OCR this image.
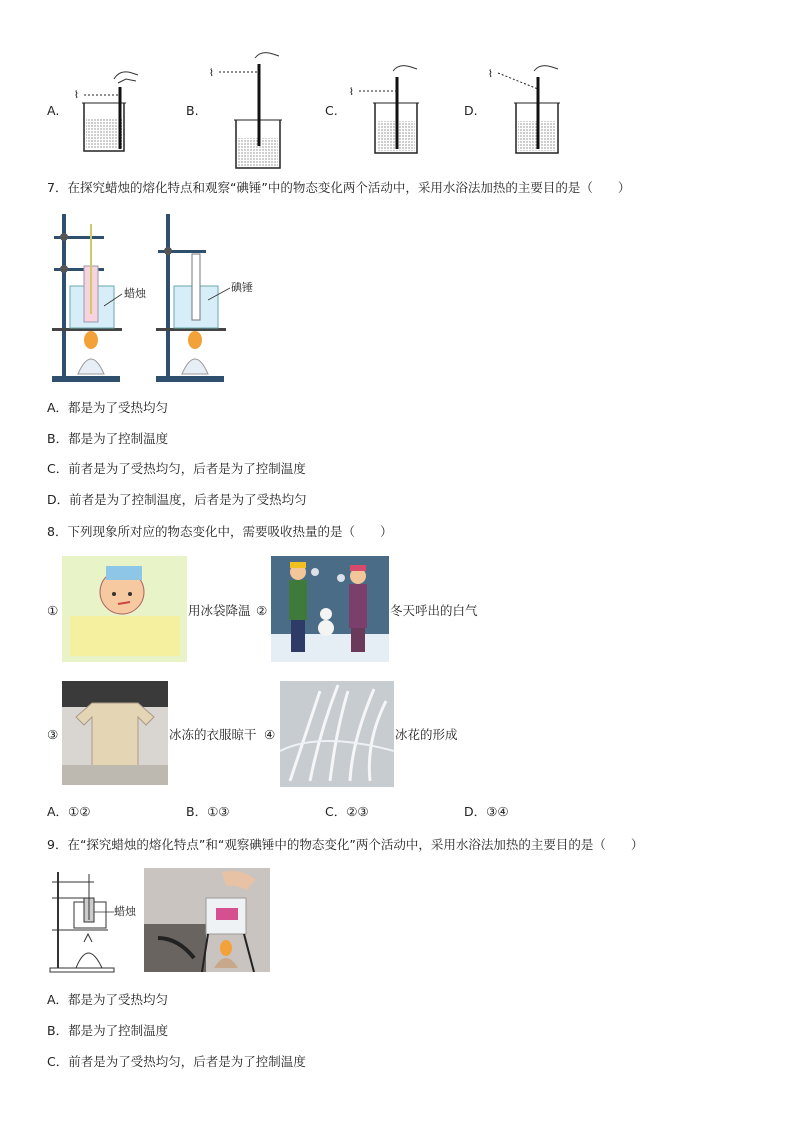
A.
⌇
B.
⌇
C.
⌇
D.
⌇
7．在探究蜡烛的熔化特点和观察“碘锤”中的物态变化两个活动中，采用水浴法加热的主要目的是（　　）
蜡烛	碘锤
A．都是为了受热均匀
B．都是为了控制温度
C．前者是为了受热均匀，后者是为了控制温度
D．前者是为了控制温度，后者是为了受热均匀
8．下列现象所对应的物态变化中，需要吸收热量的是（　　）
①	用冰袋降温 ②	冬天呼出的白气
③	冰冻的衣服晾干 ④	冰花的形成
A．①②	B．①③	C．②③	D．③④
9．在“探究蜡烛的熔化特点”和“观察碘锤中的物态变化”两个活动中，采用水浴法加热的主要目的是（　　）
蜡烛
A．都是为了受热均匀
B．都是为了控制温度
C．前者是为了受热均匀，后者是为了控制温度
